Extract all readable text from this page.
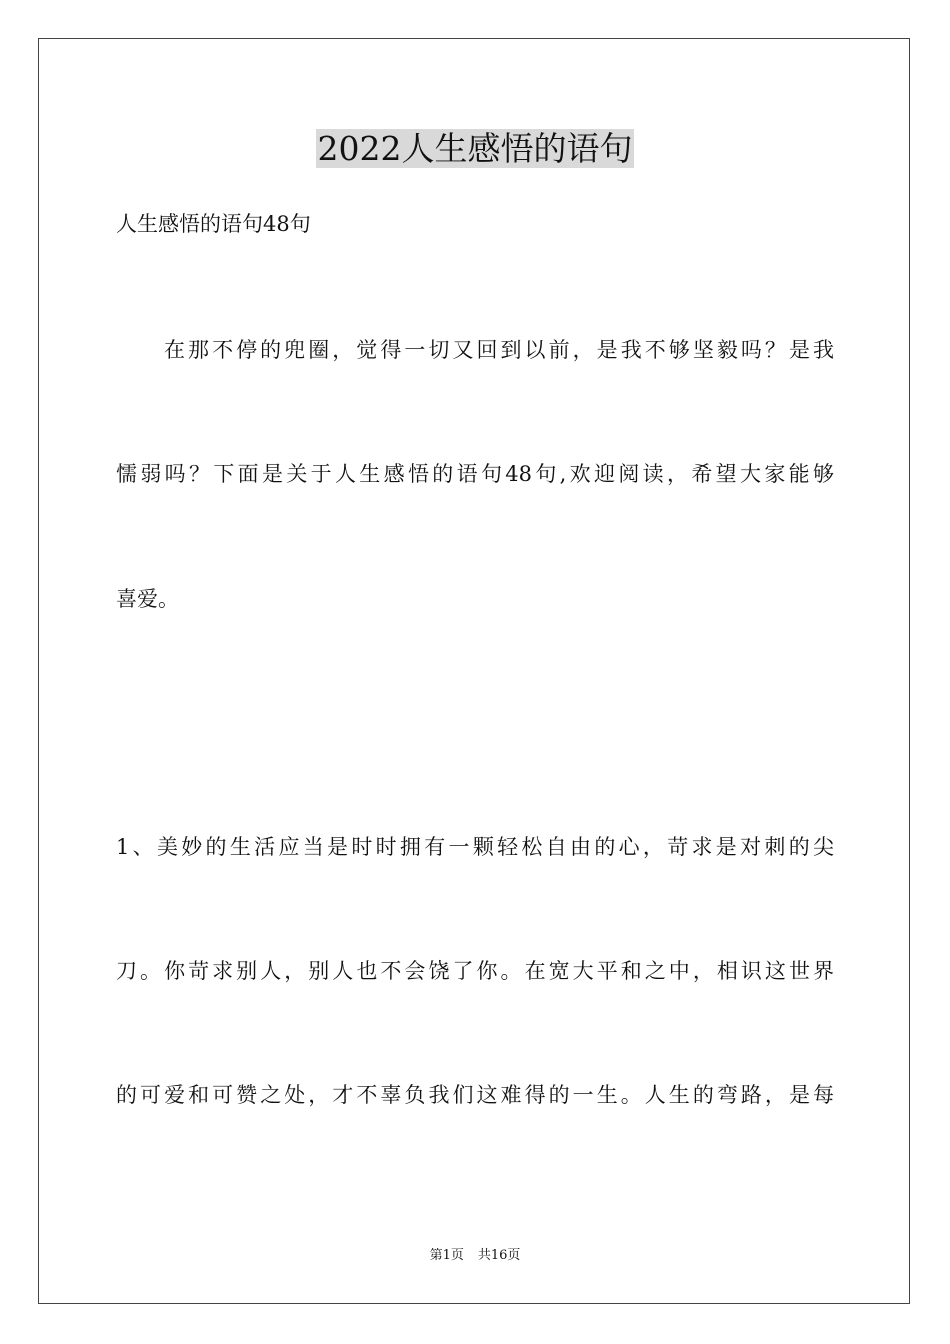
2022人生感悟的语句
人生感悟的语句48句
在那不停的兜圈，觉得一切又回到以前，是我不够坚毅吗？是我
懦弱吗？下面是关于人生感悟的语句48句,欢迎阅读，希望大家能够
喜爱。
1、美妙的生活应当是时时拥有一颗轻松自由的心，苛求是对刺的尖
刀。你苛求别人，别人也不会饶了你。在宽大平和之中，相识这世界
的可爱和可赞之处，才不辜负我们这难得的一生。人生的弯路，是每
第1页 共16页
